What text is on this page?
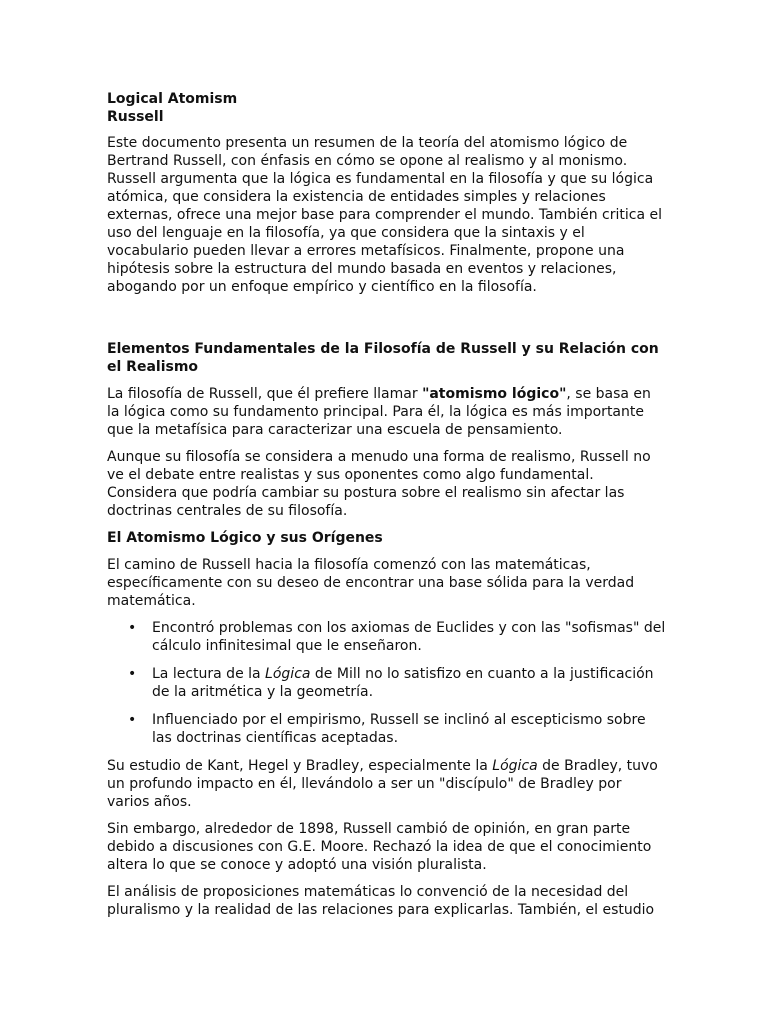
Logical Atomism
Russell

Este documento presenta un resumen de la teoría del atomismo lógico de Bertrand Russell, con énfasis en cómo se opone al realismo y al monismo. Russell argumenta que la lógica es fundamental en la filosofía y que su lógica atómica, que considera la existencia de entidades simples y relaciones externas, ofrece una mejor base para comprender el mundo. También critica el uso del lenguaje en la filosofía, ya que considera que la sintaxis y el vocabulario pueden llevar a errores metafísicos. Finalmente, propone una hipótesis sobre la estructura del mundo basada en eventos y relaciones, abogando por un enfoque empírico y científico en la filosofía.

Elementos Fundamentales de la Filosofía de Russell y su Relación con el Realismo

La filosofía de Russell, que él prefiere llamar "atomismo lógico", se basa en la lógica como su fundamento principal. Para él, la lógica es más importante que la metafísica para caracterizar una escuela de pensamiento.

Aunque su filosofía se considera a menudo una forma de realismo, Russell no ve el debate entre realistas y sus oponentes como algo fundamental. Considera que podría cambiar su postura sobre el realismo sin afectar las doctrinas centrales de su filosofía.

El Atomismo Lógico y sus Orígenes

El camino de Russell hacia la filosofía comenzó con las matemáticas, específicamente con su deseo de encontrar una base sólida para la verdad matemática.

• Encontró problemas con los axiomas de Euclides y con las "sofismas" del cálculo infinitesimal que le enseñaron.
• La lectura de la Lógica de Mill no lo satisfizo en cuanto a la justificación de la aritmética y la geometría.
• Influenciado por el empirismo, Russell se inclinó al escepticismo sobre las doctrinas científicas aceptadas.

Su estudio de Kant, Hegel y Bradley, especialmente la Lógica de Bradley, tuvo un profundo impacto en él, llevándolo a ser un "discípulo" de Bradley por varios años.

Sin embargo, alrededor de 1898, Russell cambió de opinión, en gran parte debido a discusiones con G.E. Moore. Rechazó la idea de que el conocimiento altera lo que se conoce y adoptó una visión pluralista.

El análisis de proposiciones matemáticas lo convenció de la necesidad del pluralismo y la realidad de las relaciones para explicarlas. También, el estudio
